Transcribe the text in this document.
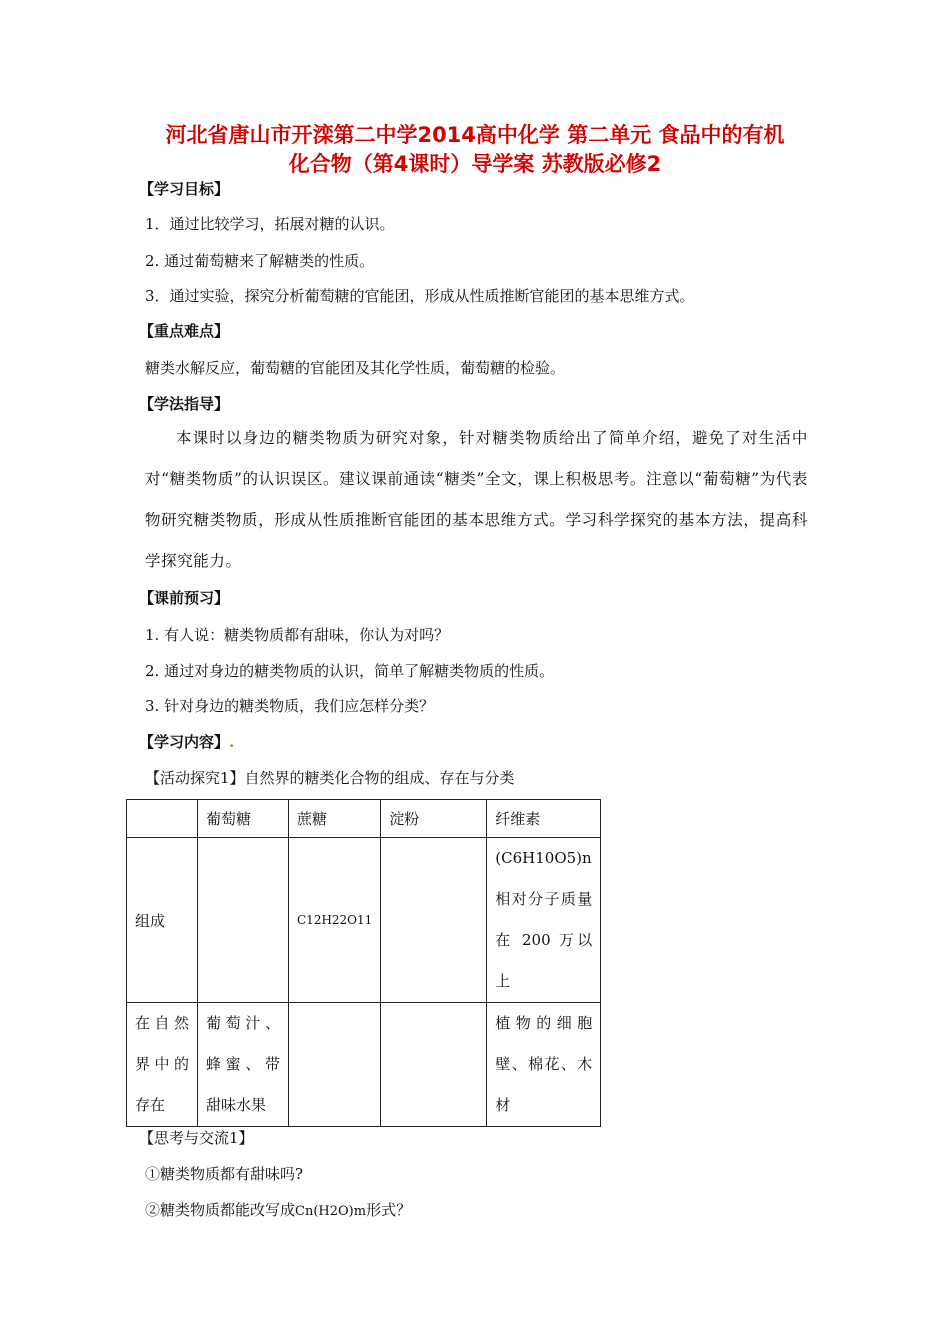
河北省唐山市开滦第二中学2014高中化学 第二单元 食品中的有机
化合物（第4课时）导学案 苏教版必修2
【学习目标】
1．通过比较学习，拓展对糖的认识。
2. 通过葡萄糖来了解糖类的性质。
3．通过实验，探究分析葡萄糖的官能团，形成从性质推断官能团的基本思维方式。
【重点难点】
糖类水解反应，葡萄糖的官能团及其化学性质，葡萄糖的检验。
【学法指导】
本课时以身边的糖类物质为研究对象，针对糖类物质给出了简单介绍，避免了对生活中对“糖类物质”的认识误区。建议课前通读“糖类”全文，课上积极思考。注意以“葡萄糖”为代表物研究糖类物质，形成从性质推断官能团的基本思维方式。学习科学探究的基本方法，提高科学探究能力。
【课前预习】
1. 有人说：糖类物质都有甜味，你认为对吗？
2. 通过对身边的糖类物质的认识，简单了解糖类物质的性质。
3. 针对身边的糖类物质，我们应怎样分类？
【学习内容】.
【活动探究1】自然界的糖类化合物的组成、存在与分类

	葡萄糖	蔗糖	淀粉	纤维素

组成		C12H22O11		(C6H10O5)n 相对分子质量在 200 万以上

在自然界中的存在	葡萄汁、蜂蜜、带甜味水果			植物的细胞壁、棉花、木材
【思考与交流1】
①糖类物质都有甜味吗?
②糖类物质都能改写成Cn(H2O)m形式？
